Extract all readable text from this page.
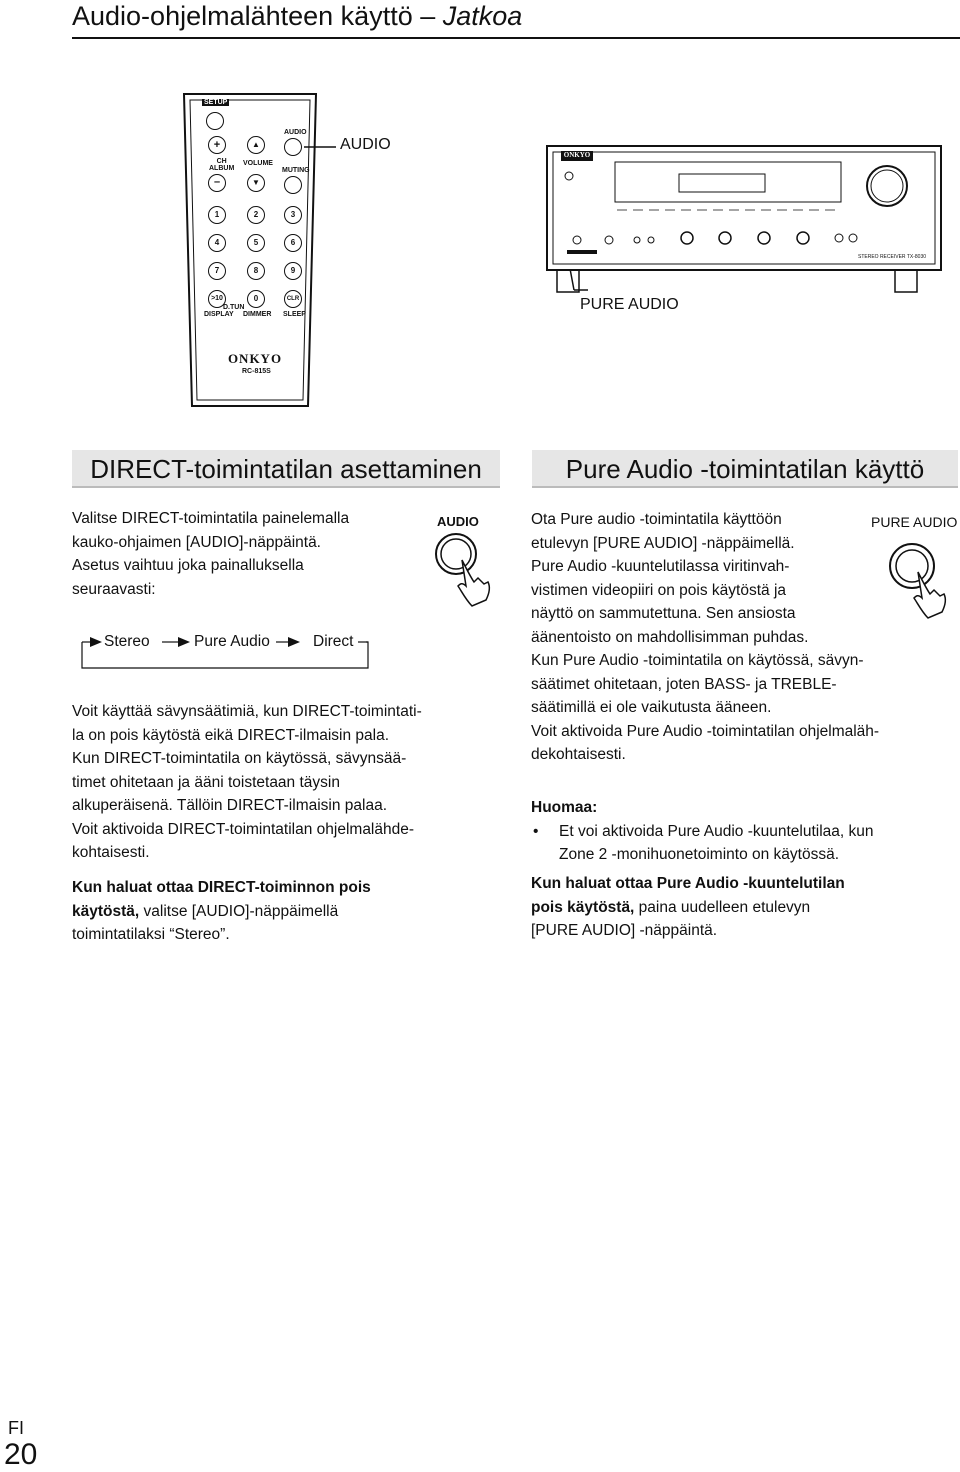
Audio-ohjelmalähteen käyttö – Jatkoa
SETUP
AUDIO
+	▲
CH
ALBUM
VOLUME
MUTING
–	▼
1	2	3
4	5	6
7	8	9
>10	0	CLR
D.TUN
DISPLAY DIMMER SLEEP
ONKYO
RC-815S
AUDIO
PURE AUDIO
ONKYO
STEREO RECEIVER TX-8030
DIRECT-toimintatilan asettaminen

Valitse DIRECT-toimintatila painelemalla

kauko-ohjaimen [AUDIO]-näppäintä.

Asetus vaihtuu joka painalluksella

seuraavasti:

AUDIO
Stereo	Pure Audio	Direct

Voit käyttää sävynsäätimiä, kun DIRECT-toimintati-

la on pois käytöstä eikä DIRECT-ilmaisin pala.

Kun DIRECT-toimintatila on käytössä, sävynsää-

timet ohitetaan ja ääni toistetaan täysin

alkuperäisenä. Tällöin DIRECT-ilmaisin palaa.

Voit aktivoida DIRECT-toimintatilan ohjelmalähde-

kohtaisesti.

Kun haluat ottaa DIRECT-toiminnon pois

käytöstä, valitse [AUDIO]-näppäimellä

toimintatilaksi “Stereo”.

Pure Audio -toimintatilan käyttö
PURE AUDIO

Ota Pure audio -toimintatila käyttöön

etulevyn [PURE AUDIO] -näppäimellä.

Pure Audio -kuuntelutilassa viritinvah-

vistimen videopiiri on pois käytöstä ja

näyttö on sammutettuna. Sen ansiosta

äänentoisto on mahdollisimman puhdas.

Kun Pure Audio -toimintatila on käytössä, sävyn-

säätimet ohitetaan, joten BASS- ja TREBLE-

säätimillä ei ole vaikutusta ääneen.

Voit aktivoida Pure Audio -toimintatilan ohjelmaläh-

dekohtaisesti.

Huomaa:

• Et voi aktivoida Pure Audio -kuuntelutilaa, kun
Zone 2 -monihuonetoiminto on käytössä.

Kun haluat ottaa Pure Audio -kuuntelutilan

pois käytöstä, paina uudelleen etulevyn

[PURE AUDIO] -näppäintä.

FI
20
